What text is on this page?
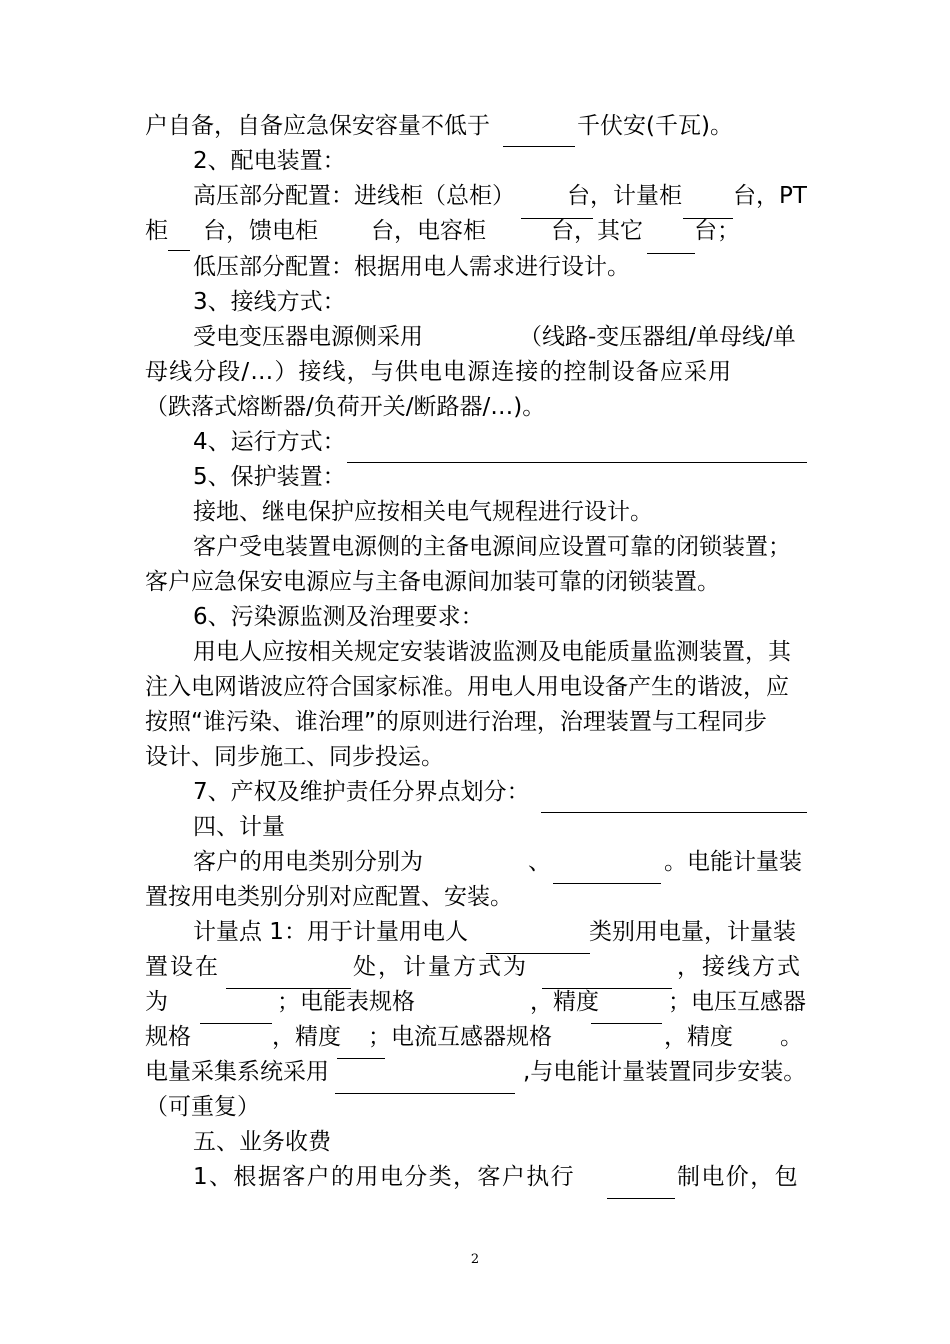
户自备，自备应急保安容量不低于	千伏安(千瓦)。
2、配电装置：
高压部分配置：进线柜（总柜） 台，计量柜 台，PT
柜 台，馈电柜 台，电容柜	台，其它 台；
低压部分配置：根据用电人需求进行设计。
3、接线方式：
受电变压器电源侧采用	（线路-变压器组/单母线/单
母线分段/…）接线，与供电电源连接的控制设备应采用
（跌落式熔断器/负荷开关/断路器/…)。
4、运行方式：
5、保护装置：
接地、继电保护应按相关电气规程进行设计。
客户受电装置电源侧的主备电源间应设置可靠的闭锁装置；
客户应急保安电源应与主备电源间加装可靠的闭锁装置。
6、污染源监测及治理要求：
用电人应按相关规定安装谐波监测及电能质量监测装置，其
注入电网谐波应符合国家标准。用电人用电设备产生的谐波，应
按照“谁污染、谁治理”的原则进行治理，治理装置与工程同步
设计、同步施工、同步投运。
7、产权及维护责任分界点划分：
四、计量
客户的用电类别分别为	、	。电能计量装
置按用电类别分别对应配置、安装。
计量点 1：用于计量用电人	类别用电量，计量装
置设在	处，计量方式为	，接线方式
为	；电能表规格	，精度	；电压互感器
规格	，精度 ；电流互感器规格	，精度 。
电量采集系统采用	,与电能计量装置同步安装。
（可重复）
五、业务收费
1、根据客户的用电分类，客户执行	制电价，包
2
